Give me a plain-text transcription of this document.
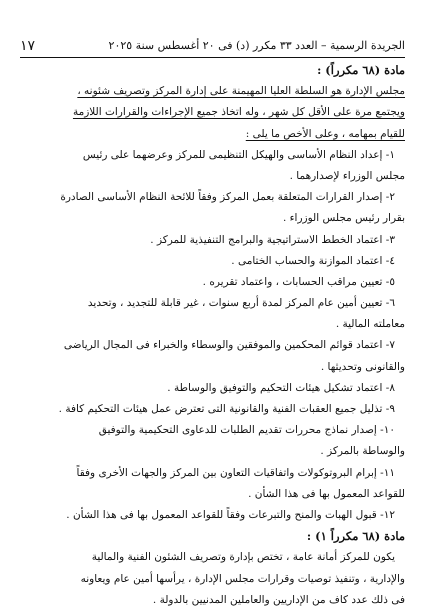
الجريدة الرسمية – العدد ٣٣ مكرر (د) فى ٢٠ أغسطس سنة ٢٠٢٥
١٧
مادة (٦٨ مكرراً) :
مجلس الإدارة هو السلطة العليا المهيمنة على إدارة المركز وتصريف شئونه ،
ويجتمع مرة على الأقل كل شهر ، وله اتخاذ جميع الإجراءات والقرارات اللازمة
للقيام بمهامه ، وعلى الأخص ما يلى :
١- إعداد النظام الأساسى والهيكل التنظيمى للمركز وعرضهما على رئيس
مجلس الوزراء لإصدارهما .
٢- إصدار القرارات المتعلقة بعمل المركز وفقاً للائحة النظام الأساسى الصادرة
بقرار رئيس مجلس الوزراء .
٣- اعتماد الخطط الاستراتيجية والبرامج التنفيذية للمركز .
٤- اعتماد الموازنة والحساب الختامى .
٥- تعيين مراقب الحسابات ، واعتماد تقريره .
٦- تعيين أمين عام المركز لمدة أربع سنوات ، غير قابلة للتجديد ، وتحديد
معاملته المالية .
٧- اعتماد قوائم المحكمين والموفقين والوسطاء والخبراء فى المجال الرياضى
والقانونى وتحديثها .
٨- اعتماد تشكيل هيئات التحكيم والتوفيق والوساطة .
٩- تذليل جميع العقبات الفنية والقانونية التى تعترض عمل هيئات التحكيم كافة .
١٠- إصدار نماذج محررات تقديم الطلبات للدعاوى التحكيمية والتوفيق
والوساطة بالمركز .
١١- إبرام البروتوكولات واتفاقيات التعاون بين المركز والجهات الأخرى وفقاً
للقواعد المعمول بها فى هذا الشأن .
١٢- قبول الهبات والمنح والتبرعات وفقاً للقواعد المعمول بها فى هذا الشأن .
مادة (٦٨ مكرراً ١) :
يكون للمركز أمانة عامة ، تختص بإدارة وتصريف الشئون الفنية والمالية
والإدارية ، وتنفيذ توصيات وقرارات مجلس الإدارة ، يرأسها أمين عام ويعاونه
فى ذلك عدد كاف من الإداريين والعاملين المدنيين بالدولة .
